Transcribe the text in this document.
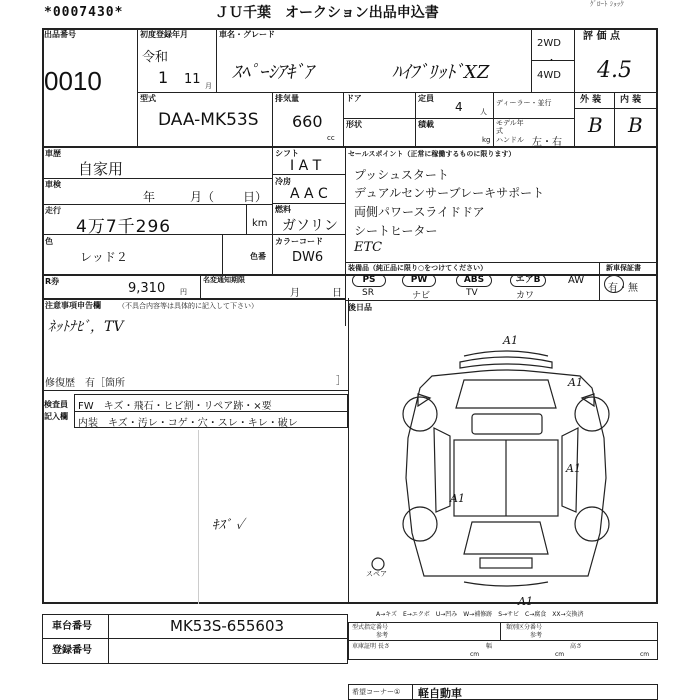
*0007430*	ＪＵ千葉　オークション出品申込書
ｸﾞﾛｰﾄ ｼｮｯｸ
出品番号
0010
初度登録年月
令和
1 11 月
車名・グレード
ｽﾍﾟｰｼｱｷﾞｱ	ﾊｲﾌﾞﾘｯﾄﾞXZ
2WD
・
4WD
評 価 点
4.5
外 装 内 装
B B
型式
DAA-MK53S
排気量
660
cc
ドア	定員
4 人
ディーラー・並行
形状	積載
kg
モデル年式
ハンドル 左・右
車歴
自家用
車検
年	月（ 日）
走行
4万7千296	km
色
レッド２	色番
シフト
I A T
冷房
A A C
燃料
ガソリン
カラーコード
DW6
セールスポイント（正常に稼働するものに限ります）
プッシュスタート
デュアルセンサーブレーキサポート
両側パワースライドドア
シートヒーター
ETC
R券	9,310 円
名変通知期限
月	日
装備品（純正品に限り○をつけてください）
PS	PW	ABS	エアB	AW
SR	ナビ	TV	カワ
新車保証書
有・無
後日品
注意事項申告欄 （不具合内容等は具体的に記入して下さい）
ﾈｯﾄﾅﾋﾞ，TV
修復歴　有［箇所	］
検査員
記入欄
FW　キズ・飛石・ヒビ割・リペア跡・×要
内装　キズ・汚レ・コゲ・穴・スレ・キレ・破レ
ｷｽﾞ ✓
A1
A1
A1
A1
A1
スペア
A→キズ　E→エクボ　U→凹み　W→補修跡　S→サビ　C→腐食　XX→交換済
車台番号	MK53S-655603
登録番号
型式指定番号
参考
類別区分番号
参考
車庫証明 長さ
cm
幅
cm
高さ
cm
希望コーナー① 軽自動車
